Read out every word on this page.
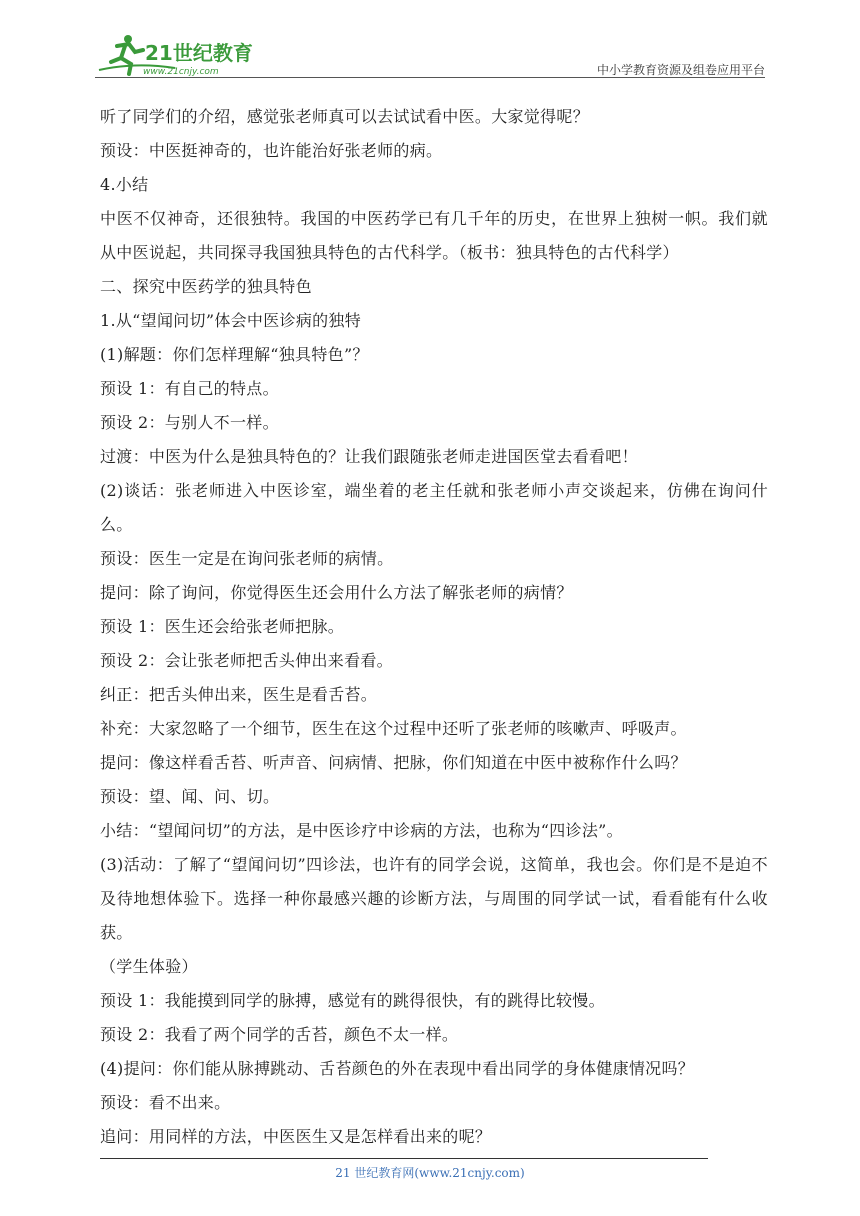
21世纪教育
www.21cnjy.com	中小学教育资源及组卷应用平台

听了同学们的介绍，感觉张老师真可以去试试看中医。大家觉得呢？

预设：中医挺神奇的，也许能治好张老师的病。

4.小结

中医不仅神奇，还很独特。我国的中医药学已有几千年的历史，在世界上独树一帜。我们就从中医说起，共同探寻我国独具特色的古代科学。（板书：独具特色的古代科学）

二、探究中医药学的独具特色

1.从“望闻问切”体会中医诊病的独特

(1)解题：你们怎样理解“独具特色”？

预设 1：有自己的特点。

预设 2：与别人不一样。

过渡：中医为什么是独具特色的？让我们跟随张老师走进国医堂去看看吧！

(2)谈话：张老师进入中医诊室，端坐着的老主任就和张老师小声交谈起来，仿佛在询问什么。

预设：医生一定是在询问张老师的病情。

提问：除了询问，你觉得医生还会用什么方法了解张老师的病情？

预设 1：医生还会给张老师把脉。

预设 2：会让张老师把舌头伸出来看看。

纠正：把舌头伸出来，医生是看舌苔。

补充：大家忽略了一个细节，医生在这个过程中还听了张老师的咳嗽声、呼吸声。

提问：像这样看舌苔、听声音、问病情、把脉，你们知道在中医中被称作什么吗？

预设：望、闻、问、切。

小结：“望闻问切”的方法，是中医诊疗中诊病的方法，也称为“四诊法”。

(3)活动：了解了“望闻问切”四诊法，也许有的同学会说，这简单，我也会。你们是不是迫不及待地想体验下。选择一种你最感兴趣的诊断方法，与周围的同学试一试，看看能有什么收获。

（学生体验）

预设 1：我能摸到同学的脉搏，感觉有的跳得很快，有的跳得比较慢。

预设 2：我看了两个同学的舌苔，颜色不太一样。

(4)提问：你们能从脉搏跳动、舌苔颜色的外在表现中看出同学的身体健康情况吗？

预设：看不出来。

追问：用同样的方法，中医医生又是怎样看出来的呢？

21 世纪教育网(www.21cnjy.com)
